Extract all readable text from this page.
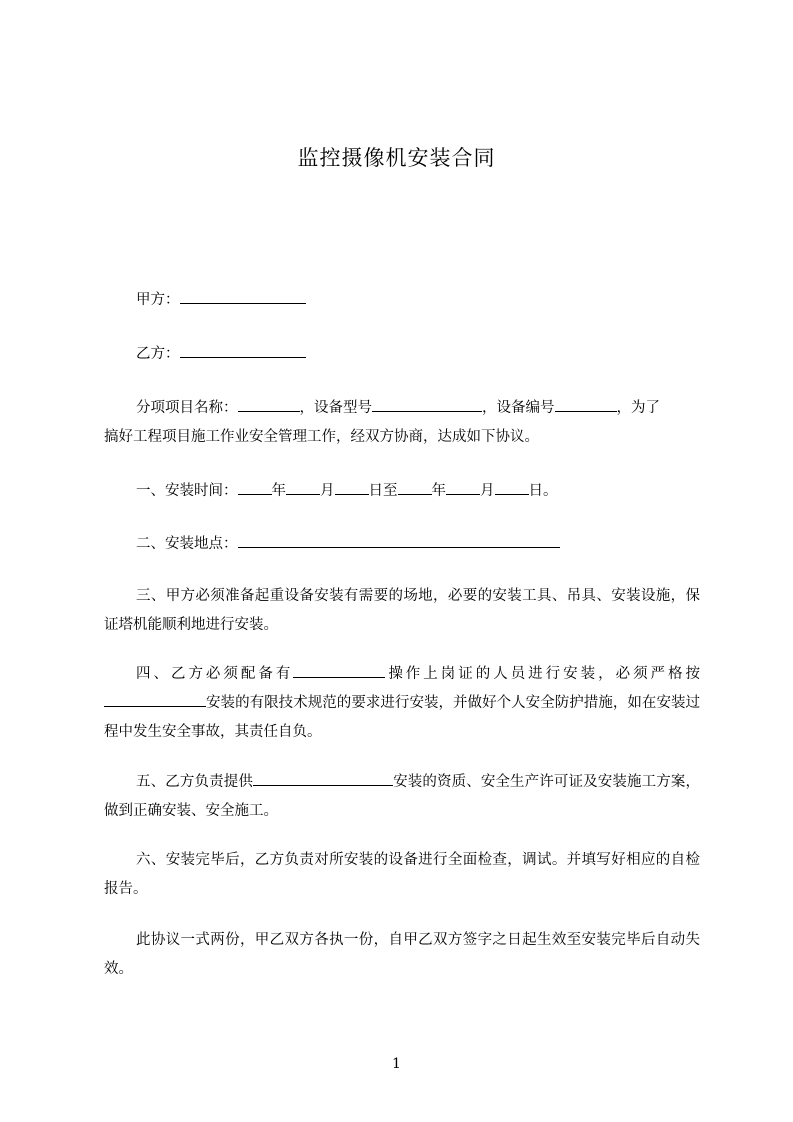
监控摄像机安装合同
甲方：
乙方：
分项项目名称：	，设备型号	，设备编号	，为了
搞好工程项目施工作业安全管理工作，经双方协商，达成如下协议。
一、安装时间： 年 月 日至 年 月 日。
二、安装地点：
三、甲方必须准备起重设备安装有需要的场地，必要的安装工具、吊具、安装设施，保证塔机能顺利地进行安装。
四、乙方必须配备有	操作上岗证的人员进行安装，必须严格按安装的有限技术规范的要求进行安装，并做好个人安全防护措施，如在安装过程中发生安全事故，其责任自负。
五、乙方负责提供	安装的资质、安全生产许可证及安装施工方案，做到正确安装、安全施工。
六、安装完毕后，乙方负责对所安装的设备进行全面检查，调试。并填写好相应的自检报告。
此协议一式两份，甲乙双方各执一份，自甲乙双方签字之日起生效至安装完毕后自动失效。
1
